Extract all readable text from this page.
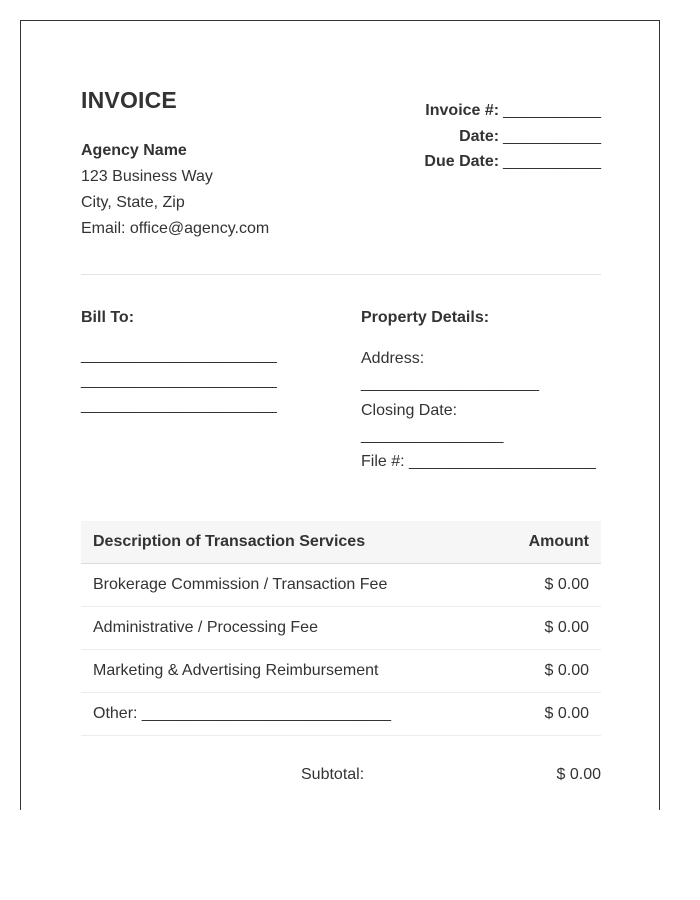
INVOICE
Agency Name
123 Business Way
City, State, Zip
Email: office@agency.com
Invoice #: ___________
Date: ___________
Due Date: ___________
Bill To:
______________________
______________________
______________________
Property Details:
Address:
____________________
Closing Date:
________________
File #: _____________________
Description of Transaction Services	Amount
Brokerage Commission / Transaction Fee	$ 0.00
Administrative / Processing Fee	$ 0.00
Marketing & Advertising Reimbursement	$ 0.00
Other: ____________________________	$ 0.00
Subtotal:	$ 0.00
